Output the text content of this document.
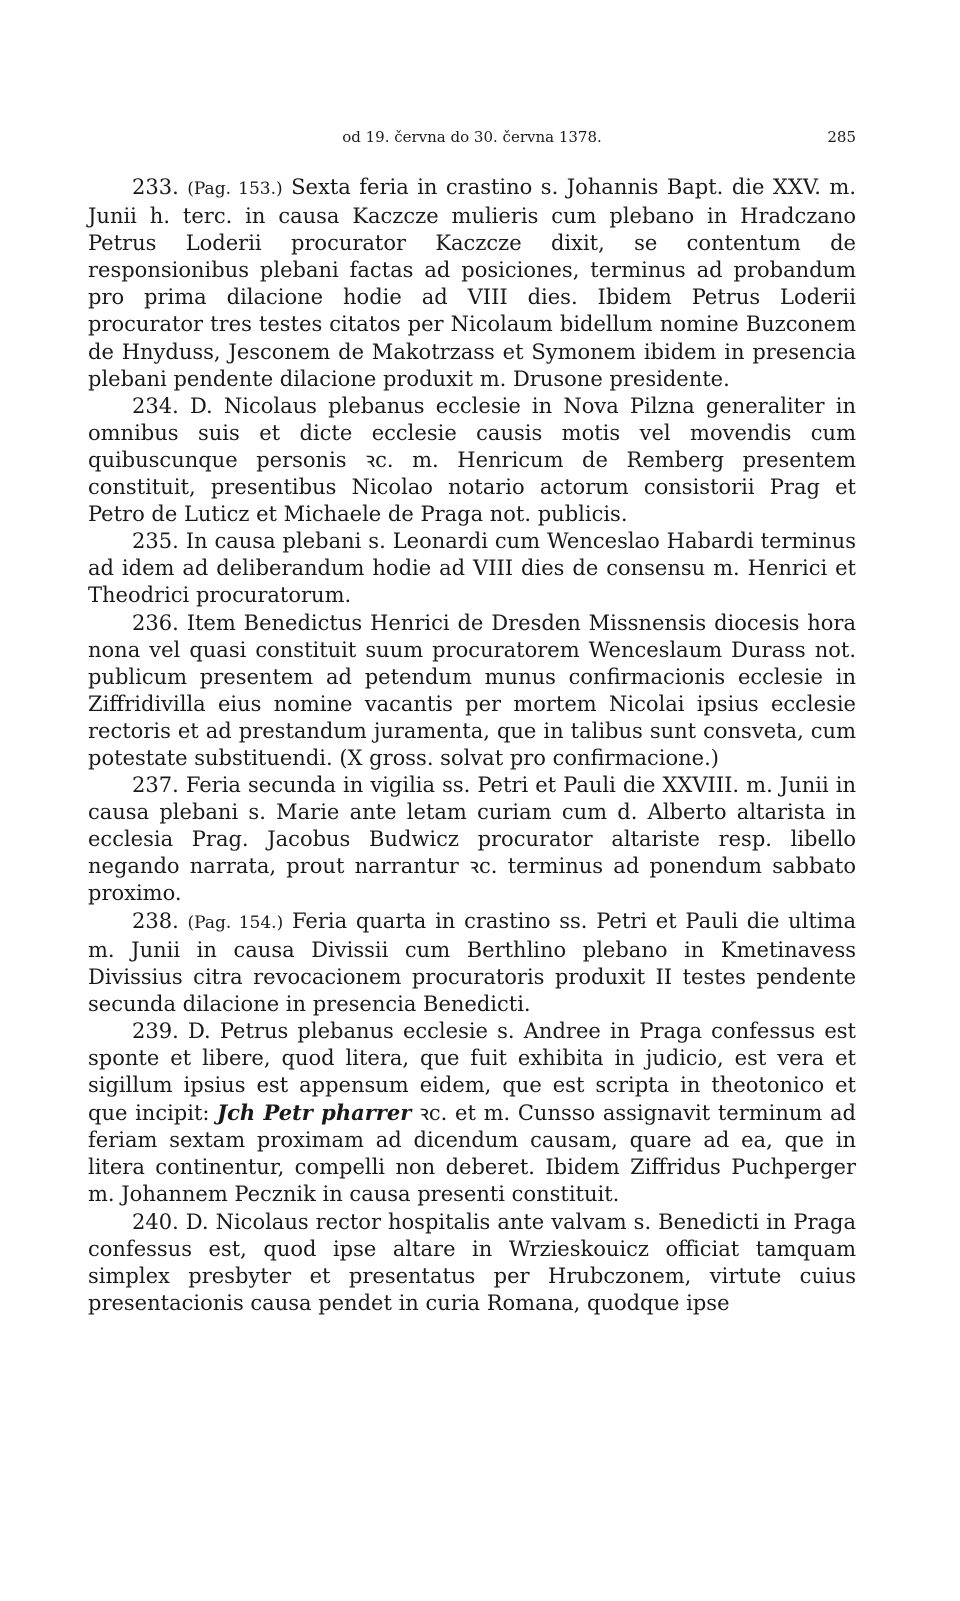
od 19. června do 30. června 1378.	285

233. (Pag. 153.) Sexta feria in crastino s. Johannis Bapt. die XXV. m. Junii h. terc. in causa Kaczcze mulieris cum plebano in Hradczano Petrus Loderii procurator Kaczcze dixit, se contentum de responsionibus plebani factas ad posiciones, terminus ad probandum pro prima dilacione hodie ad VIII dies. Ibidem Petrus Loderii procurator tres testes citatos per Nicolaum bidellum nomine Buzconem de Hnyduss, Jesconem de Makotrzass et Symonem ibidem in presencia plebani pendente dilacione produxit m. Drusone presidente.

234. D. Nicolaus plebanus ecclesie in Nova Pilzna generaliter in omnibus suis et dicte ecclesie causis motis vel movendis cum quibuscunque personis ꝛc. m. Henricum de Remberg presentem constituit, presentibus Nicolao notario actorum consistorii Prag et Petro de Luticz et Michaele de Praga not. publicis.

235. In causa plebani s. Leonardi cum Wenceslao Habardi terminus ad idem ad deliberandum hodie ad VIII dies de consensu m. Henrici et Theodrici procuratorum.

236. Item Benedictus Henrici de Dresden Missnensis diocesis hora nona vel quasi constituit suum procuratorem Wenceslaum Durass not. publicum presentem ad petendum munus confirmacionis ecclesie in Ziffridivilla eius nomine vacantis per mortem Nicolai ipsius ecclesie rectoris et ad prestandum juramenta, que in talibus sunt consveta, cum potestate substituendi. (X gross. solvat pro confirmacione.)

237. Feria secunda in vigilia ss. Petri et Pauli die XXVIII. m. Junii in causa plebani s. Marie ante letam curiam cum d. Alberto altarista in ecclesia Prag. Jacobus Budwicz procurator altariste resp. libello negando narrata, prout narrantur ꝛc. terminus ad ponendum sabbato proximo.

238. (Pag. 154.) Feria quarta in crastino ss. Petri et Pauli die ultima m. Junii in causa Divissii cum Berthlino plebano in Kmetinavess Divissius citra revocacionem procuratoris produxit II testes pendente secunda dilacione in presencia Benedicti.

239. D. Petrus plebanus ecclesie s. Andree in Praga confessus est sponte et libere, quod litera, que fuit exhibita in judicio, est vera et sigillum ipsius est appensum eidem, que est scripta in theotonico et que incipit: Jch Petr pharrer ꝛc. et m. Cunsso assignavit terminum ad feriam sextam proximam ad dicendum causam, quare ad ea, que in litera continentur, compelli non deberet. Ibidem Ziffridus Puchperger m. Johannem Pecznik in causa presenti constituit.

240. D. Nicolaus rector hospitalis ante valvam s. Benedicti in Praga confessus est, quod ipse altare in Wrzieskouicz officiat tamquam simplex presbyter et presentatus per Hrubczonem, virtute cuius presentacionis causa pendet in curia Romana, quodque ipse
